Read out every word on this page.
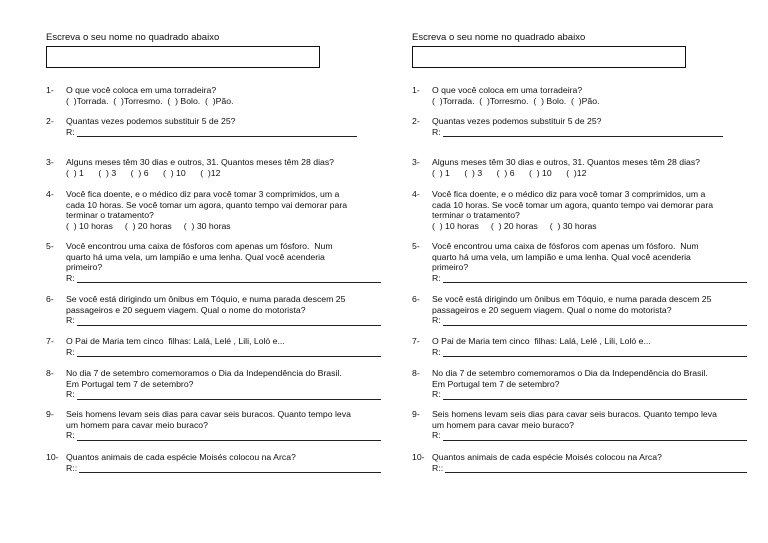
Escreva o seu nome no quadrado abaixo
1- O que você coloca em uma torradeira?
(  )Torrada.  (  )Torresmo.  (  ) Bolo.  (  )Pão.
2- Quantas vezes podemos substituir 5 de 25?
R:
3- Alguns meses têm 30 dias e outros, 31. Quantos meses têm 28 dias?
(  ) 1      (  ) 3      (  ) 6      (  ) 10      (  )12
4- Você fica doente, e o médico diz para você tomar 3 comprimidos, um a
cada 10 horas. Se você tomar um agora, quanto tempo vai demorar para
terminar o tratamento?
(  ) 10 horas     (  ) 20 horas     (  ) 30 horas
5- Você encontrou uma caixa de fósforos com apenas um fósforo.  Num
quarto há uma vela, um lampião e uma lenha. Qual você acenderia
primeiro?
R:
6- Se você está dirigindo um ônibus em Tóquio, e numa parada descem 25
passageiros e 20 seguem viagem. Qual o nome do motorista?
R:
7- O Pai de Maria tem cinco  filhas: Lalá, Lelé , Lili, Loló e...
R:
8- No dia 7 de setembro comemoramos o Dia da Independência do Brasil.
Em Portugal tem 7 de setembro?
R:
9- Seis homens levam seis dias para cavar seis buracos. Quanto tempo leva
um homem para cavar meio buraco?
R:
10- Quantos animais de cada espécie Moisés colocou na Arca?
R::
Escreva o seu nome no quadrado abaixo
1- O que você coloca em uma torradeira?
(  )Torrada.  (  )Torresmo.  (  ) Bolo.  (  )Pão.
2- Quantas vezes podemos substituir 5 de 25?
R:
3- Alguns meses têm 30 dias e outros, 31. Quantos meses têm 28 dias?
(  ) 1      (  ) 3      (  ) 6      (  ) 10      (  )12
4- Você fica doente, e o médico diz para você tomar 3 comprimidos, um a
cada 10 horas. Se você tomar um agora, quanto tempo vai demorar para
terminar o tratamento?
(  ) 10 horas     (  ) 20 horas     (  ) 30 horas
5- Você encontrou uma caixa de fósforos com apenas um fósforo.  Num
quarto há uma vela, um lampião e uma lenha. Qual você acenderia
primeiro?
R:
6- Se você está dirigindo um ônibus em Tóquio, e numa parada descem 25
passageiros e 20 seguem viagem. Qual o nome do motorista?
R:
7- O Pai de Maria tem cinco  filhas: Lalá, Lelé , Lili, Loló e...
R:
8- No dia 7 de setembro comemoramos o Dia da Independência do Brasil.
Em Portugal tem 7 de setembro?
R:
9- Seis homens levam seis dias para cavar seis buracos. Quanto tempo leva
um homem para cavar meio buraco?
R:
10- Quantos animais de cada espécie Moisés colocou na Arca?
R::
